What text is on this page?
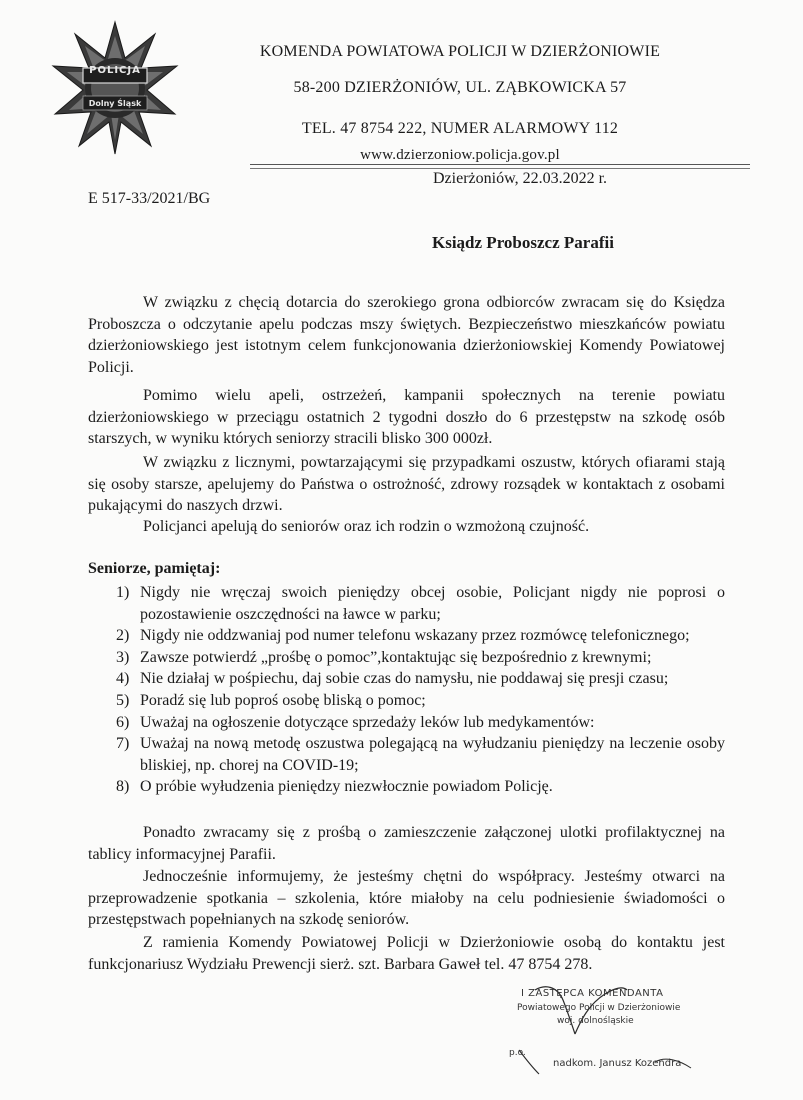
POLICJA
Dolny Śląsk
KOMENDA POWIATOWA POLICJI W DZIERŻONIOWIE
58-200 DZIERŻONIÓW, UL. ZĄBKOWICKA 57
TEL. 47 8754 222, NUMER ALARMOWY 112
www.dzierzoniow.policja.gov.pl
Dzierżoniów, 22.03.2022 r.
E 517-33/2021/BG
Ksiądz Proboszcz Parafii

W związku z chęcią dotarcia do szerokiego grona odbiorców zwracam się do Księdza Proboszcza o odczytanie apelu podczas mszy świętych. Bezpieczeństwo mieszkańców powiatu dzierżoniowskiego jest istotnym celem funkcjonowania dzierżoniowskiej Komendy Powiatowej Policji.

Pomimo wielu apeli, ostrzeżeń, kampanii społecznych na terenie powiatu dzierżoniowskiego w przeciągu ostatnich 2 tygodni doszło do 6 przestępstw na szkodę osób starszych, w wyniku których seniorzy stracili blisko 300 000zł.

W związku z licznymi, powtarzającymi się przypadkami oszustw, których ofiarami stają się osoby starsze, apelujemy do Państwa o ostrożność, zdrowy rozsądek w kontaktach z osobami pukającymi do naszych drzwi.

Policjanci apelują do seniorów oraz ich rodzin o wzmożoną czujność.

Seniorze, pamiętaj:
1) Nigdy nie wręczaj swoich pieniędzy obcej osobie, Policjant nigdy nie poprosi o pozostawienie oszczędności na ławce w parku;
2) Nigdy nie oddzwaniaj pod numer telefonu wskazany przez rozmówcę telefonicznego;
3) Zawsze potwierdź „prośbę o pomoc”,kontaktując się bezpośrednio z krewnymi;
4) Nie działaj w pośpiechu, daj sobie czas do namysłu, nie poddawaj się presji czasu;
5) Poradź się lub poproś osobę bliską o pomoc;
6) Uważaj na ogłoszenie dotyczące sprzedaży leków lub medykamentów:
7) Uważaj na nową metodę oszustwa polegającą na wyłudzaniu pieniędzy na leczenie osoby bliskiej, np. chorej na COVID-19;
8) O próbie wyłudzenia pieniędzy niezwłocznie powiadom Policję.

Ponadto zwracamy się z prośbą o zamieszczenie załączonej ulotki profilaktycznej na tablicy informacyjnej Parafii.

Jednocześnie informujemy, że jesteśmy chętni do współpracy. Jesteśmy otwarci na przeprowadzenie spotkania – szkolenia, które miałoby na celu podniesienie świadomości o przestępstwach popełnianych na szkodę seniorów.

Z ramienia Komendy Powiatowej Policji w Dzierżoniowie osobą do kontaktu jest funkcjonariusz Wydziału Prewencji sierż. szt. Barbara Gaweł tel. 47 8754 278.

I ZASTĘPCA KOMENDANTA
Powiatowego Policji w Dzierżoniowie
woj. dolnośląskie
p.o.
nadkom. Janusz Kozendra
